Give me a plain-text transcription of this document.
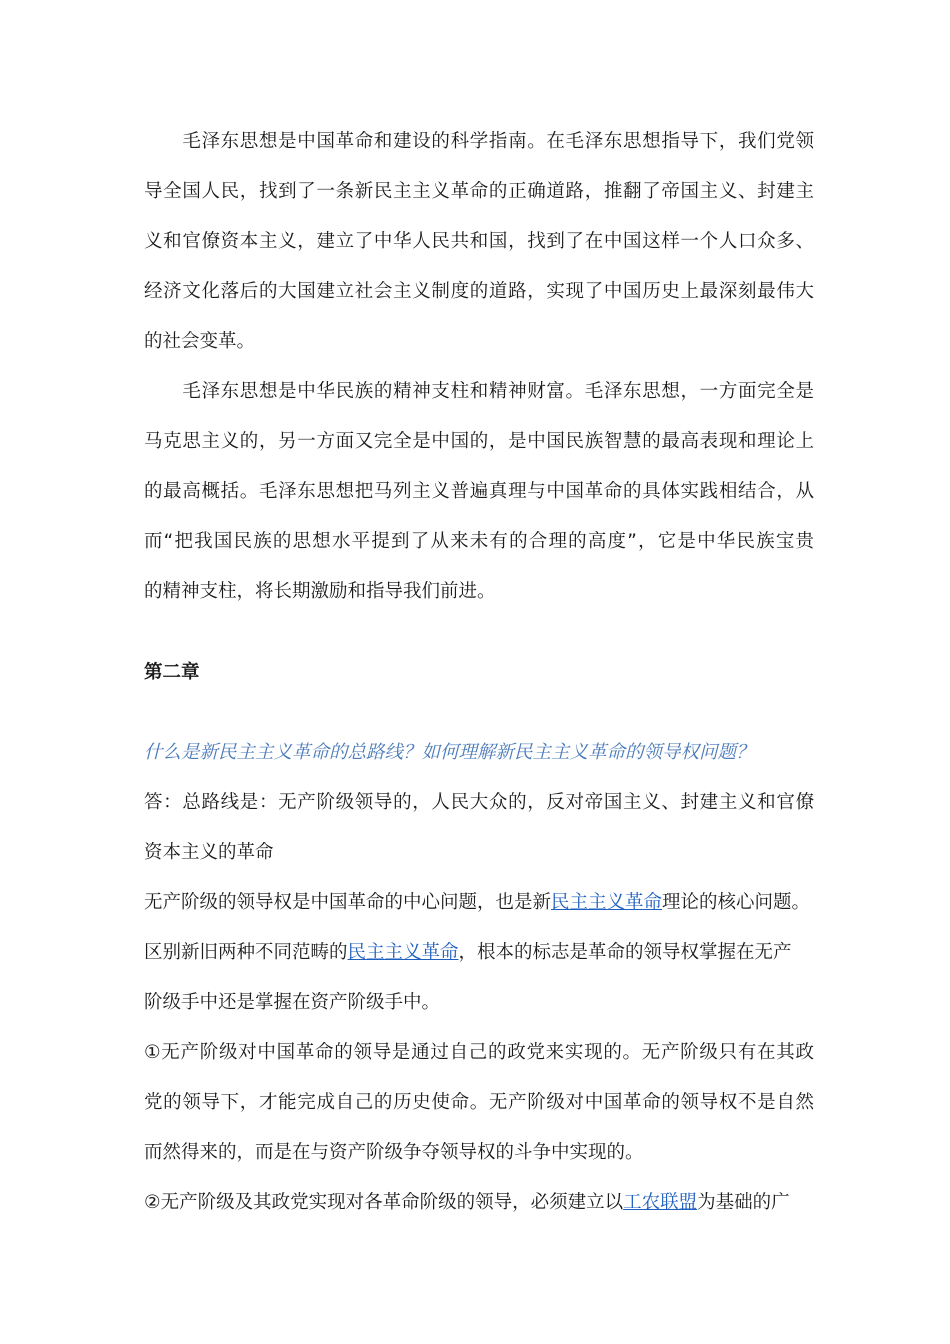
　　毛泽东思想是中国革命和建设的科学指南。在毛泽东思想指导下，我们党领
导全国人民，找到了一条新民主主义革命的正确道路，推翻了帝国主义、封建主
义和官僚资本主义，建立了中华人民共和国，找到了在中国这样一个人口众多、
经济文化落后的大国建立社会主义制度的道路，实现了中国历史上最深刻最伟大
的社会变革。
　　毛泽东思想是中华民族的精神支柱和精神财富。毛泽东思想，一方面完全是
马克思主义的，另一方面又完全是中国的，是中国民族智慧的最高表现和理论上
的最高概括。毛泽东思想把马列主义普遍真理与中国革命的具体实践相结合，从
而“把我国民族的思想水平提到了从来未有的合理的高度”，它是中华民族宝贵
的精神支柱，将长期激励和指导我们前进。
第二章
什么是新民主主义革命的总路线？如何理解新民主主义革命的领导权问题？
答：总路线是：无产阶级领导的，人民大众的，反对帝国主义、封建主义和官僚
资本主义的革命
无产阶级的领导权是中国革命的中心问题，也是新民主主义革命理论的核心问题。
区别新旧两种不同范畴的民主主义革命，根本的标志是革命的领导权掌握在无产
阶级手中还是掌握在资产阶级手中。
①无产阶级对中国革命的领导是通过自己的政党来实现的。无产阶级只有在其政
党的领导下，才能完成自己的历史使命。无产阶级对中国革命的领导权不是自然
而然得来的，而是在与资产阶级争夺领导权的斗争中实现的。
②无产阶级及其政党实现对各革命阶级的领导，必须建立以工农联盟为基础的广
